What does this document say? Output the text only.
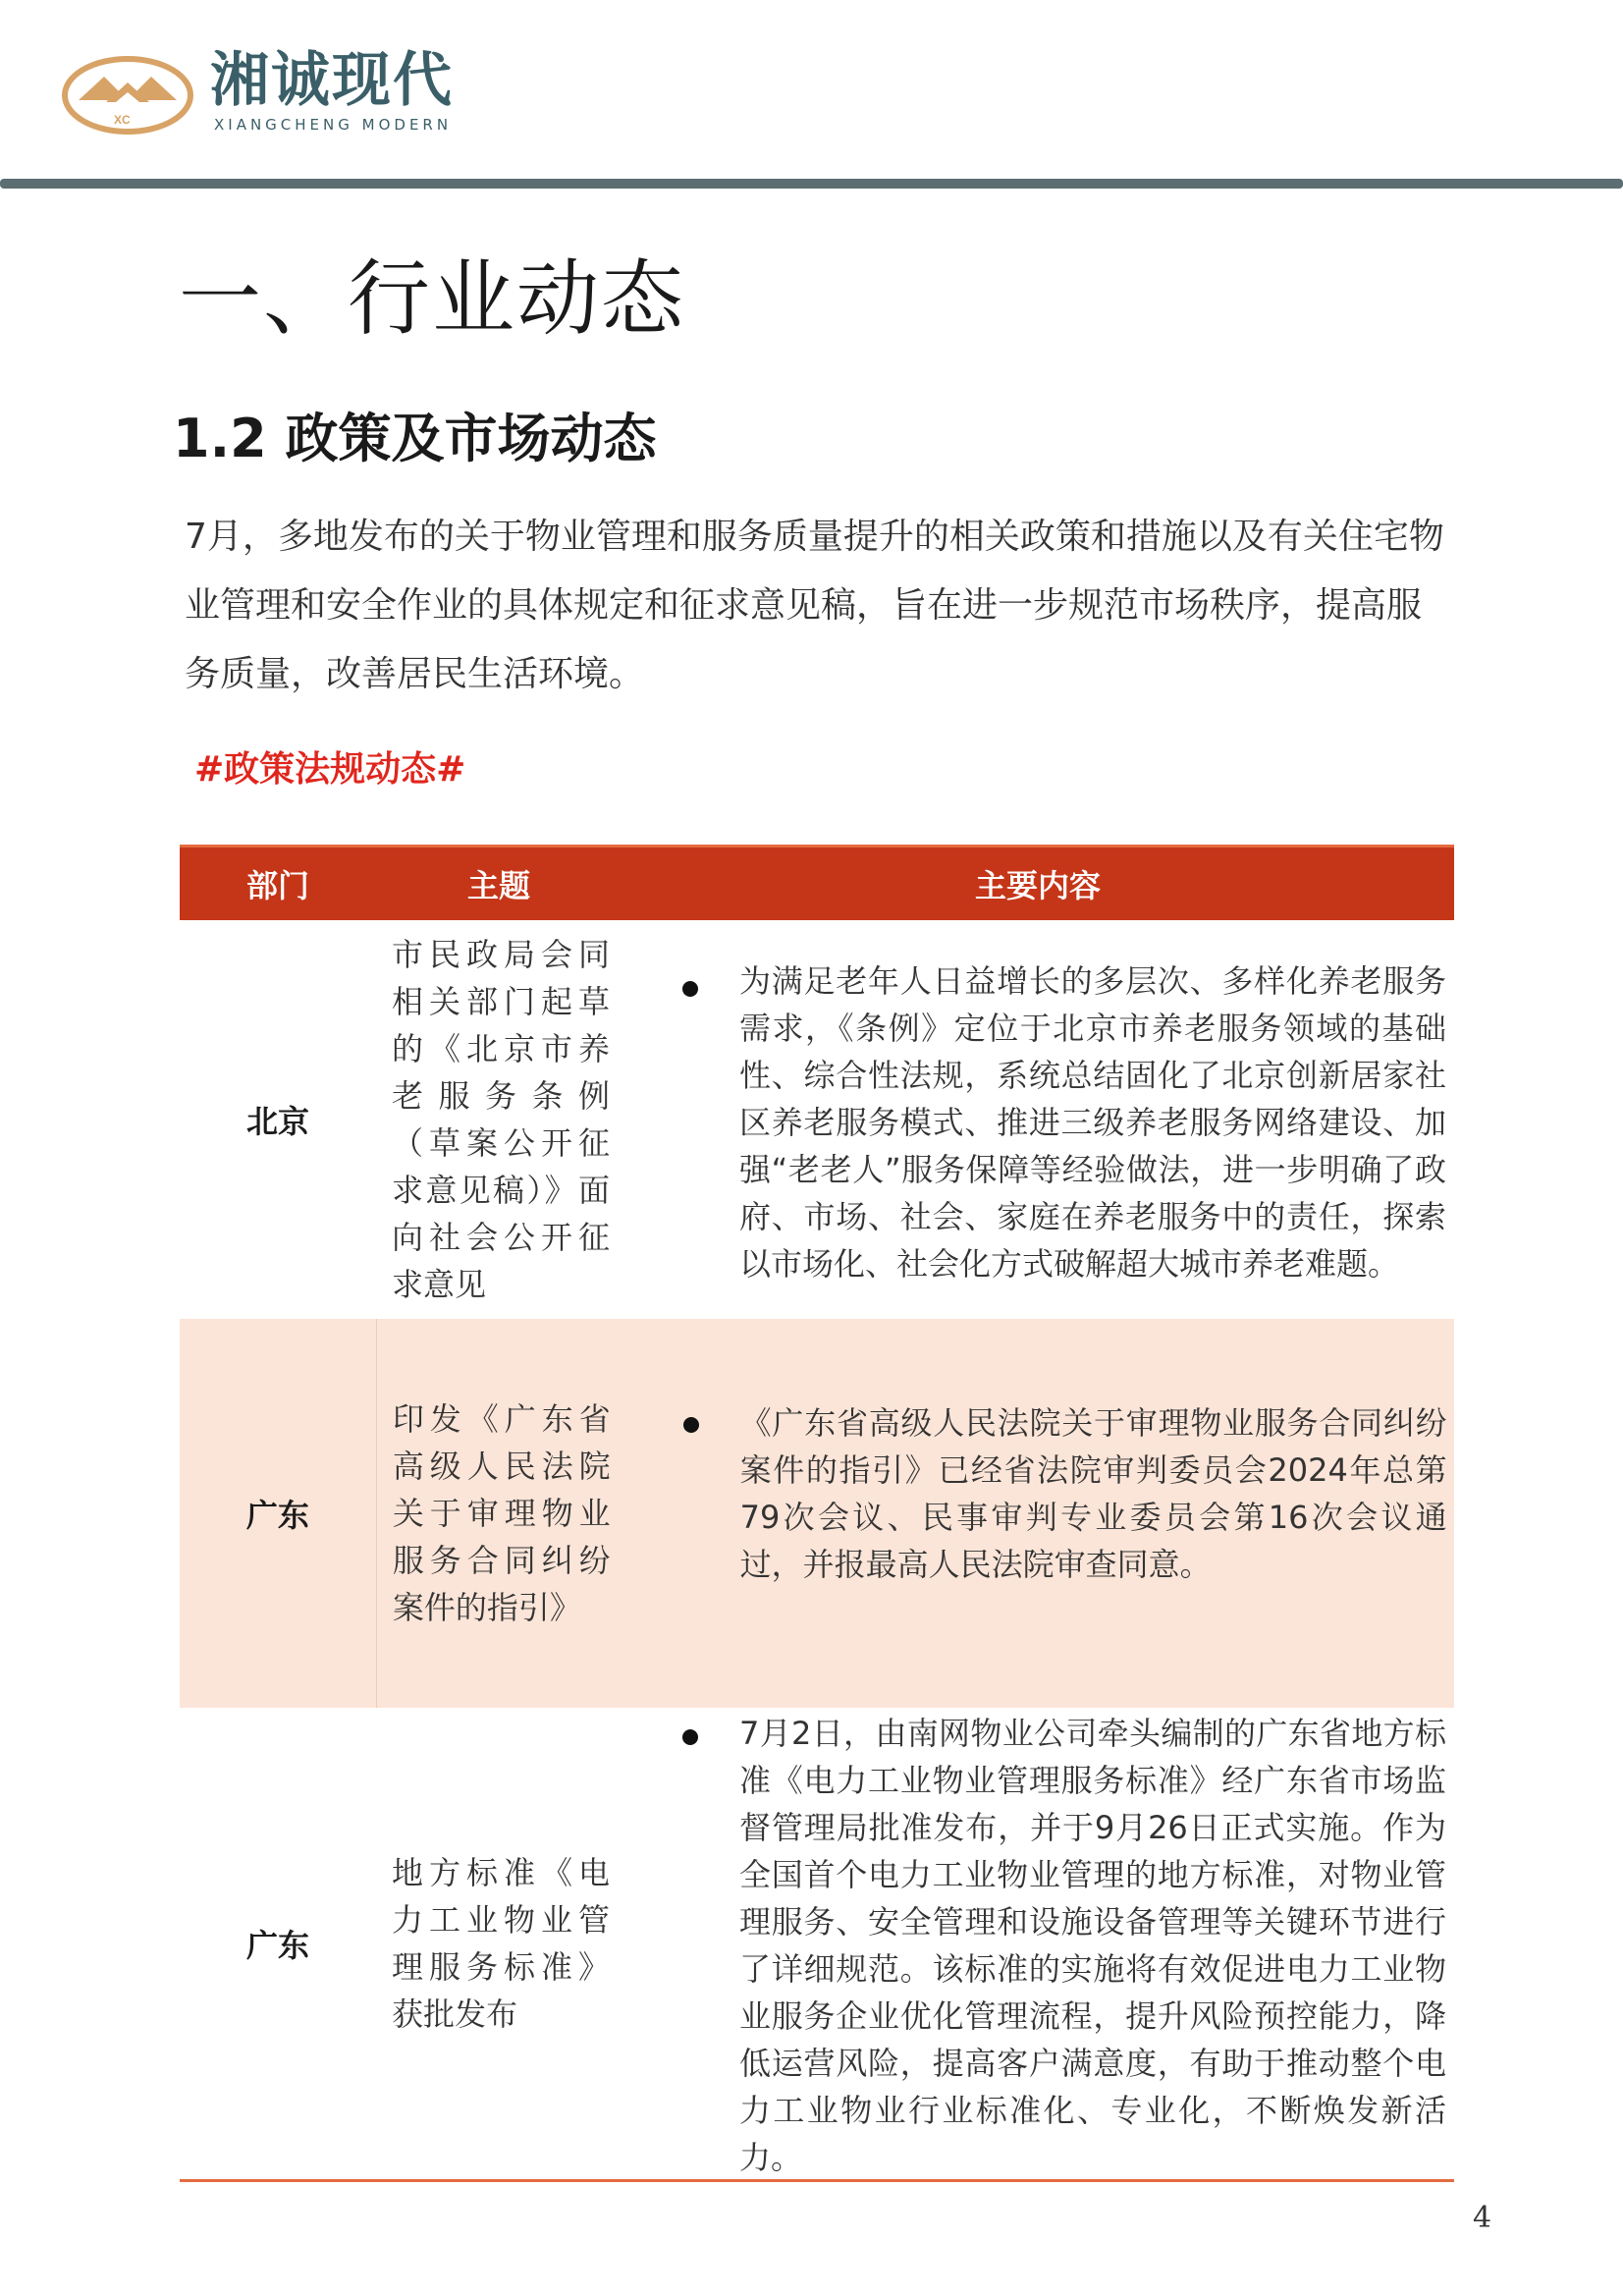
XC
湘诚现代
XIANGCHENG MODERN
一、行业动态
1.2 政策及市场动态
7月，多地发布的关于物业管理和服务质量提升的相关政策和措施以及有关住宅物业管理和安全作业的具体规定和征求意见稿，旨在进一步规范市场秩序，提高服务质量，改善居民生活环境。
#政策法规动态#
部门	主题	主要内容
北京
市民政局会同相关部门起草的《北京市养老服务条例（草案公开征求意见稿）》面向社会公开征求意见
为满足老年人日益增长的多层次、多样化养老服务需求，《条例》定位于北京市养老服务领域的基础性、综合性法规，系统总结固化了北京创新居家社区养老服务模式、推进三级养老服务网络建设、加强“老老人”服务保障等经验做法，进一步明确了政府、市场、社会、家庭在养老服务中的责任，探索以市场化、社会化方式破解超大城市养老难题。
广东
印发《广东省高级人民法院关于审理物业服务合同纠纷案件的指引》
《广东省高级人民法院关于审理物业服务合同纠纷案件的指引》已经省法院审判委员会2024年总第79次会议、民事审判专业委员会第16次会议通过，并报最高人民法院审查同意。
广东
地方标准《电力工业物业管理服务标准》获批发布
7月2日，由南网物业公司牵头编制的广东省地方标准《电力工业物业管理服务标准》经广东省市场监督管理局批准发布，并于9月26日正式实施。作为全国首个电力工业物业管理的地方标准，对物业管理服务、安全管理和设施设备管理等关键环节进行了详细规范。该标准的实施将有效促进电力工业物业服务企业优化管理流程，提升风险预控能力，降低运营风险，提高客户满意度，有助于推动整个电力工业物业行业标准化、专业化，不断焕发新活力。
4
